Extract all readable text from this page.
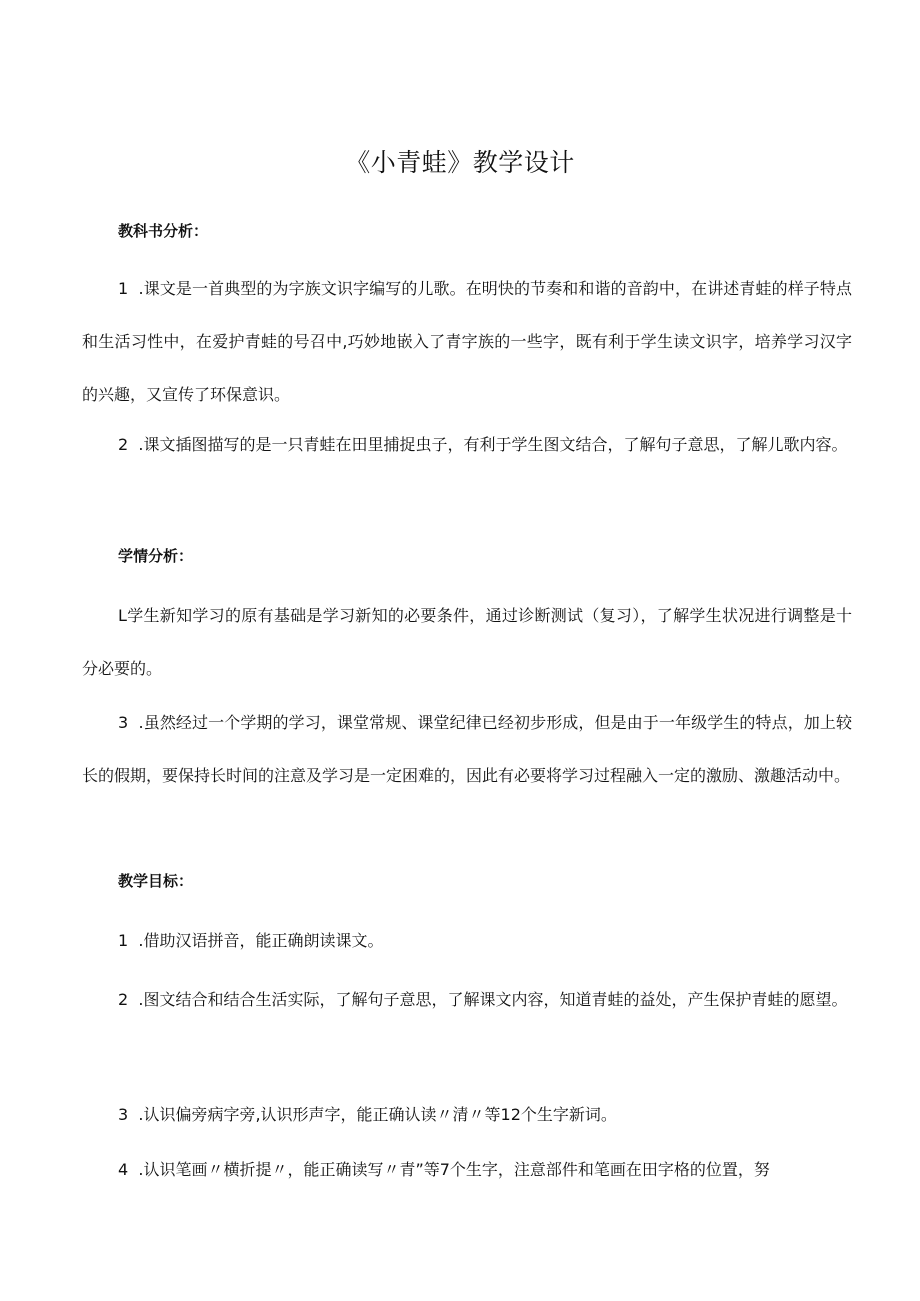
《小青蛙》教学设计
教科书分析：

1  .课文是一首典型的为字族文识字编写的儿歌。在明快的节奏和和谐的音韵中，在讲述青蛙的样子特点和生活习性中，在爱护青蛙的号召中,巧妙地嵌入了青字族的一些字，既有利于学生读文识字，培养学习汉字的兴趣，又宣传了环保意识。

2  .课文插图描写的是一只青蛙在田里捕捉虫子，有利于学生图文结合，了解句子意思，了解儿歌内容。

学情分析：

L学生新知学习的原有基础是学习新知的必要条件，通过诊断测试（复习），了解学生状况进行调整是十分必要的。

3  .虽然经过一个学期的学习，课堂常规、课堂纪律已经初步形成，但是由于一年级学生的特点，加上较长的假期，要保持长时间的注意及学习是一定困难的，因此有必要将学习过程融入一定的激励、激趣活动中。

教学目标：

1  .借助汉语拼音，能正确朗读课文。

2  .图文结合和结合生活实际，了解句子意思，了解课文内容，知道青蛙的益处，产生保护青蛙的愿望。

3  .认识偏旁病字旁,认识形声字，能正确认读〃清〃等12个生字新词。

4  .认识笔画〃横折提〃，能正确读写〃青”等7个生字，注意部件和笔画在田字格的位置，努
